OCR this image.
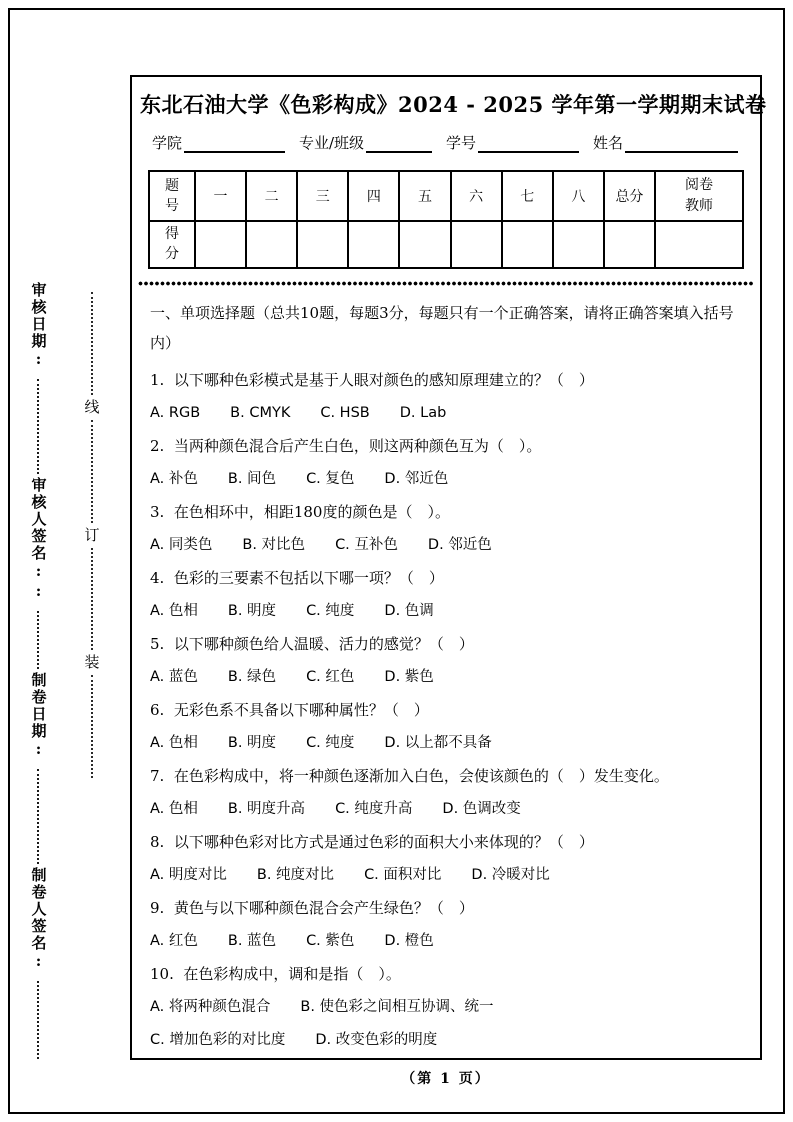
审核日期:
审核人签名::
制卷日期:
制卷人签名:
线
订
装
东北石油大学《色彩构成》2024 - 2025 学年第一学期期末试卷
学院	专业/班级	学号	姓名
题号	一	二	三	四	五	六	七	八	总分	阅卷教师
得分										

一、单项选择题（总共10题，每题3分，每题只有一个正确答案，请将正确答案填入括号内）

1.  以下哪种色彩模式是基于人眼对颜色的感知原理建立的？（　）

A. RGB B. CMYK C. HSB D. Lab

2.  当两种颜色混合后产生白色，则这两种颜色互为（　）。

A. 补色 B. 间色 C. 复色 D. 邻近色

3.  在色相环中，相距180度的颜色是（　）。

A. 同类色 B. 对比色 C. 互补色 D. 邻近色

4.  色彩的三要素不包括以下哪一项？（　）

A. 色相 B. 明度 C. 纯度 D. 色调

5.  以下哪种颜色给人温暖、活力的感觉？（　）

A. 蓝色 B. 绿色 C. 红色 D. 紫色

6.  无彩色系不具备以下哪种属性？（　）

A. 色相 B. 明度 C. 纯度 D. 以上都不具备

7.  在色彩构成中，将一种颜色逐渐加入白色，会使该颜色的（　）发生变化。

A. 色相 B. 明度升高 C. 纯度升高 D. 色调改变

8.  以下哪种色彩对比方式是通过色彩的面积大小来体现的？（　）

A. 明度对比 B. 纯度对比 C. 面积对比 D. 冷暖对比

9.  黄色与以下哪种颜色混合会产生绿色？（　）

A. 红色 B. 蓝色 C. 紫色 D. 橙色

10.  在色彩构成中，调和是指（　）。

A. 将两种颜色混合 B. 使色彩之间相互协调、统一

C. 增加色彩的对比度 D. 改变色彩的明度

（第 1 页）
